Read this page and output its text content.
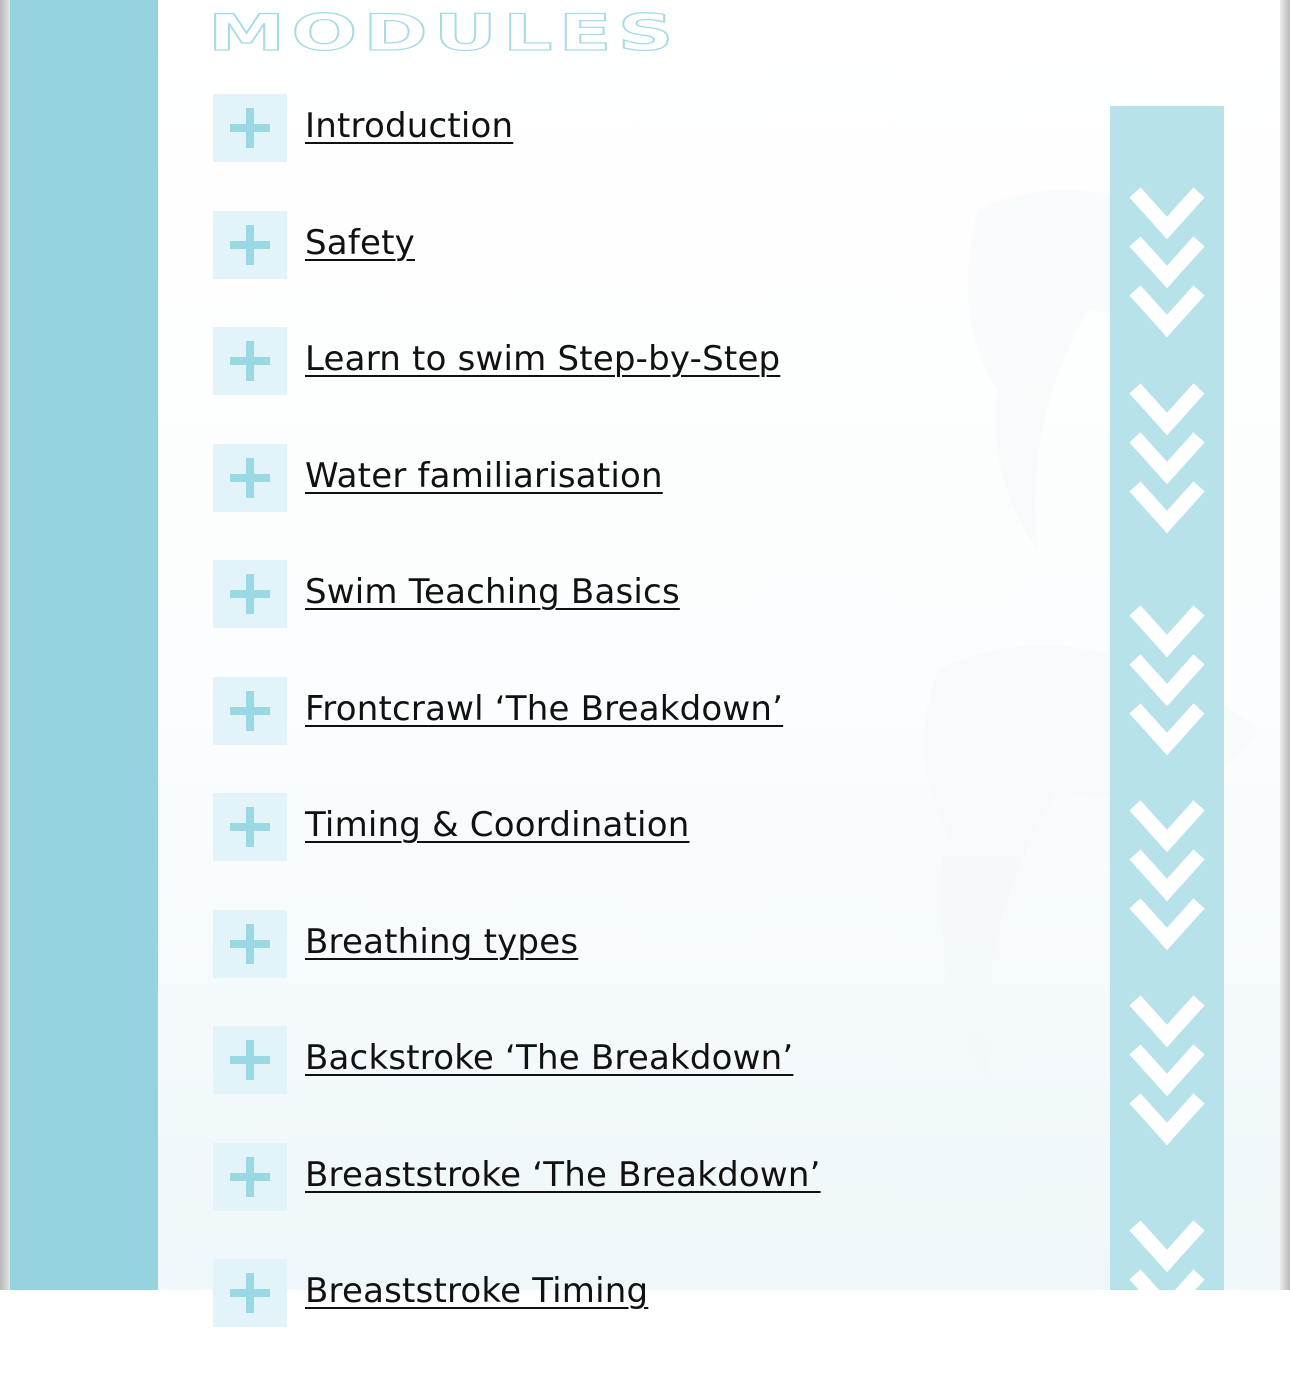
MODULES
Introduction
Safety
Learn to swim Step-by-Step
Water familiarisation
Swim Teaching Basics
Frontcrawl ‘The Breakdown’
Timing & Coordination
Breathing types
Backstroke ‘The Breakdown’
Breaststroke ‘The Breakdown’
Breaststroke Timing
